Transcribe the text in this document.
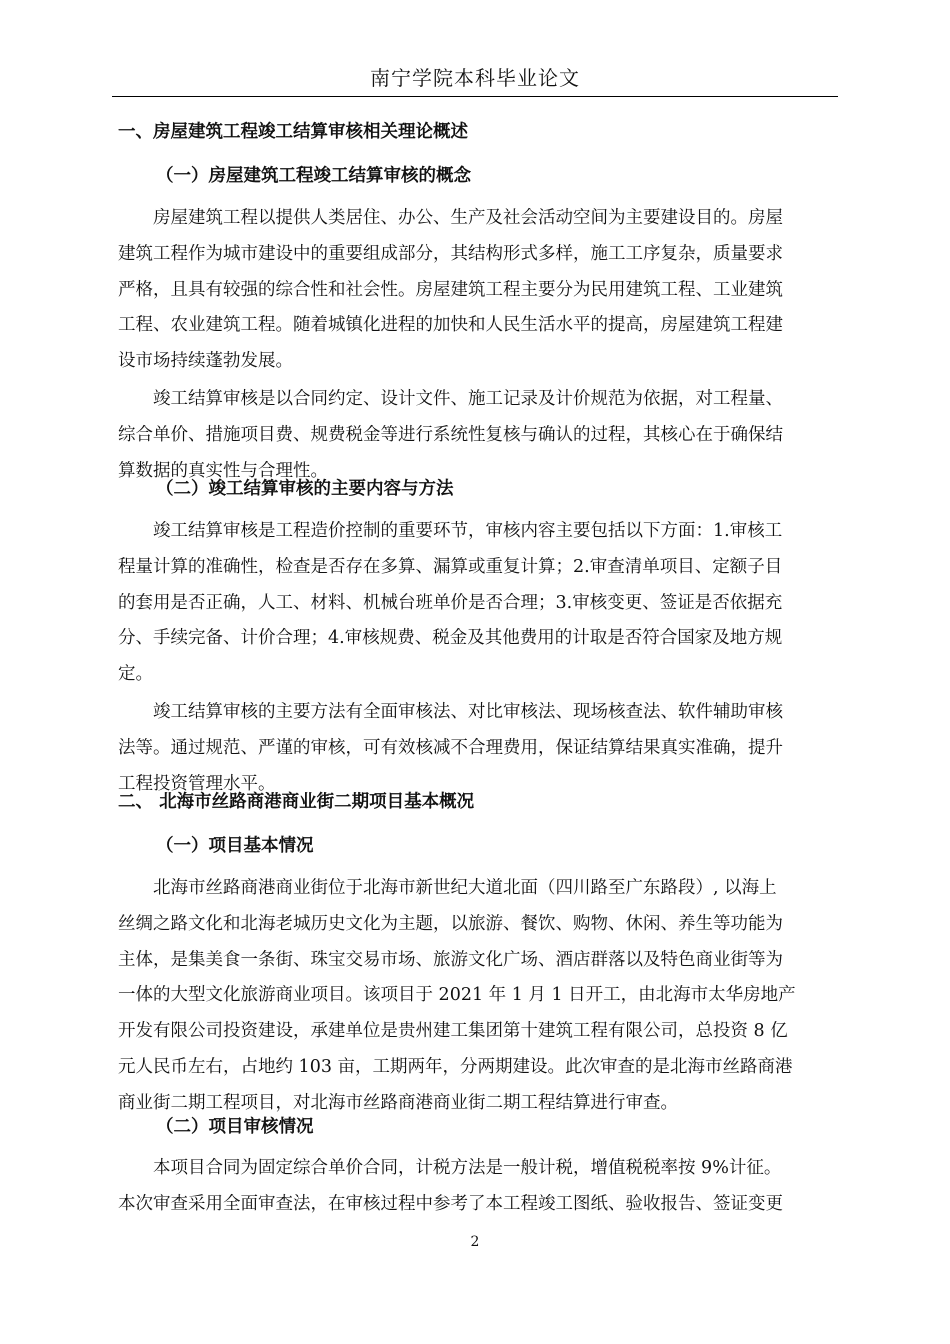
南宁学院本科毕业论文
一、房屋建筑工程竣工结算审核相关理论概述
（一）房屋建筑工程竣工结算审核的概念
房屋建筑工程以提供人类居住、办公、生产及社会活动空间为主要建设目的。房屋
建筑工程作为城市建设中的重要组成部分，其结构形式多样，施工工序复杂，质量要求
严格，且具有较强的综合性和社会性。房屋建筑工程主要分为民用建筑工程、工业建筑
工程、农业建筑工程。随着城镇化进程的加快和人民生活水平的提高，房屋建筑工程建
设市场持续蓬勃发展。
竣工结算审核是以合同约定、设计文件、施工记录及计价规范为依据，对工程量、
综合单价、措施项目费、规费税金等进行系统性复核与确认的过程，其核心在于确保结
算数据的真实性与合理性。
（二）竣工结算审核的主要内容与方法
竣工结算审核是工程造价控制的重要环节，审核内容主要包括以下方面：1.审核工
程量计算的准确性，检查是否存在多算、漏算或重复计算；2.审查清单项目、定额子目
的套用是否正确，人工、材料、机械台班单价是否合理；3.审核变更、签证是否依据充
分、手续完备、计价合理；4.审核规费、税金及其他费用的计取是否符合国家及地方规
定。
竣工结算审核的主要方法有全面审核法、对比审核法、现场核查法、软件辅助审核
法等。通过规范、严谨的审核，可有效核减不合理费用，保证结算结果真实准确，提升
工程投资管理水平。
二、 北海市丝路商港商业街二期项目基本概况
（一）项目基本情况
北海市丝路商港商业街位于北海市新世纪大道北面（四川路至广东路段）, 以海上
丝绸之路文化和北海老城历史文化为主题，以旅游、餐饮、购物、休闲、养生等功能为
主体，是集美食一条街、珠宝交易市场、旅游文化广场、酒店群落以及特色商业街等为
一体的大型文化旅游商业项目。该项目于 2021 年 1 月 1 日开工，由北海市太华房地产
开发有限公司投资建设，承建单位是贵州建工集团第十建筑工程有限公司，总投资 8 亿
元人民币左右，占地约 103 亩，工期两年，分两期建设。此次审查的是北海市丝路商港
商业街二期工程项目，对北海市丝路商港商业街二期工程结算进行审查。
（二）项目审核情况
本项目合同为固定综合单价合同，计税方法是一般计税，增值税税率按 9%计征。
本次审查采用全面审查法，在审核过程中参考了本工程竣工图纸、验收报告、签证变更
2
